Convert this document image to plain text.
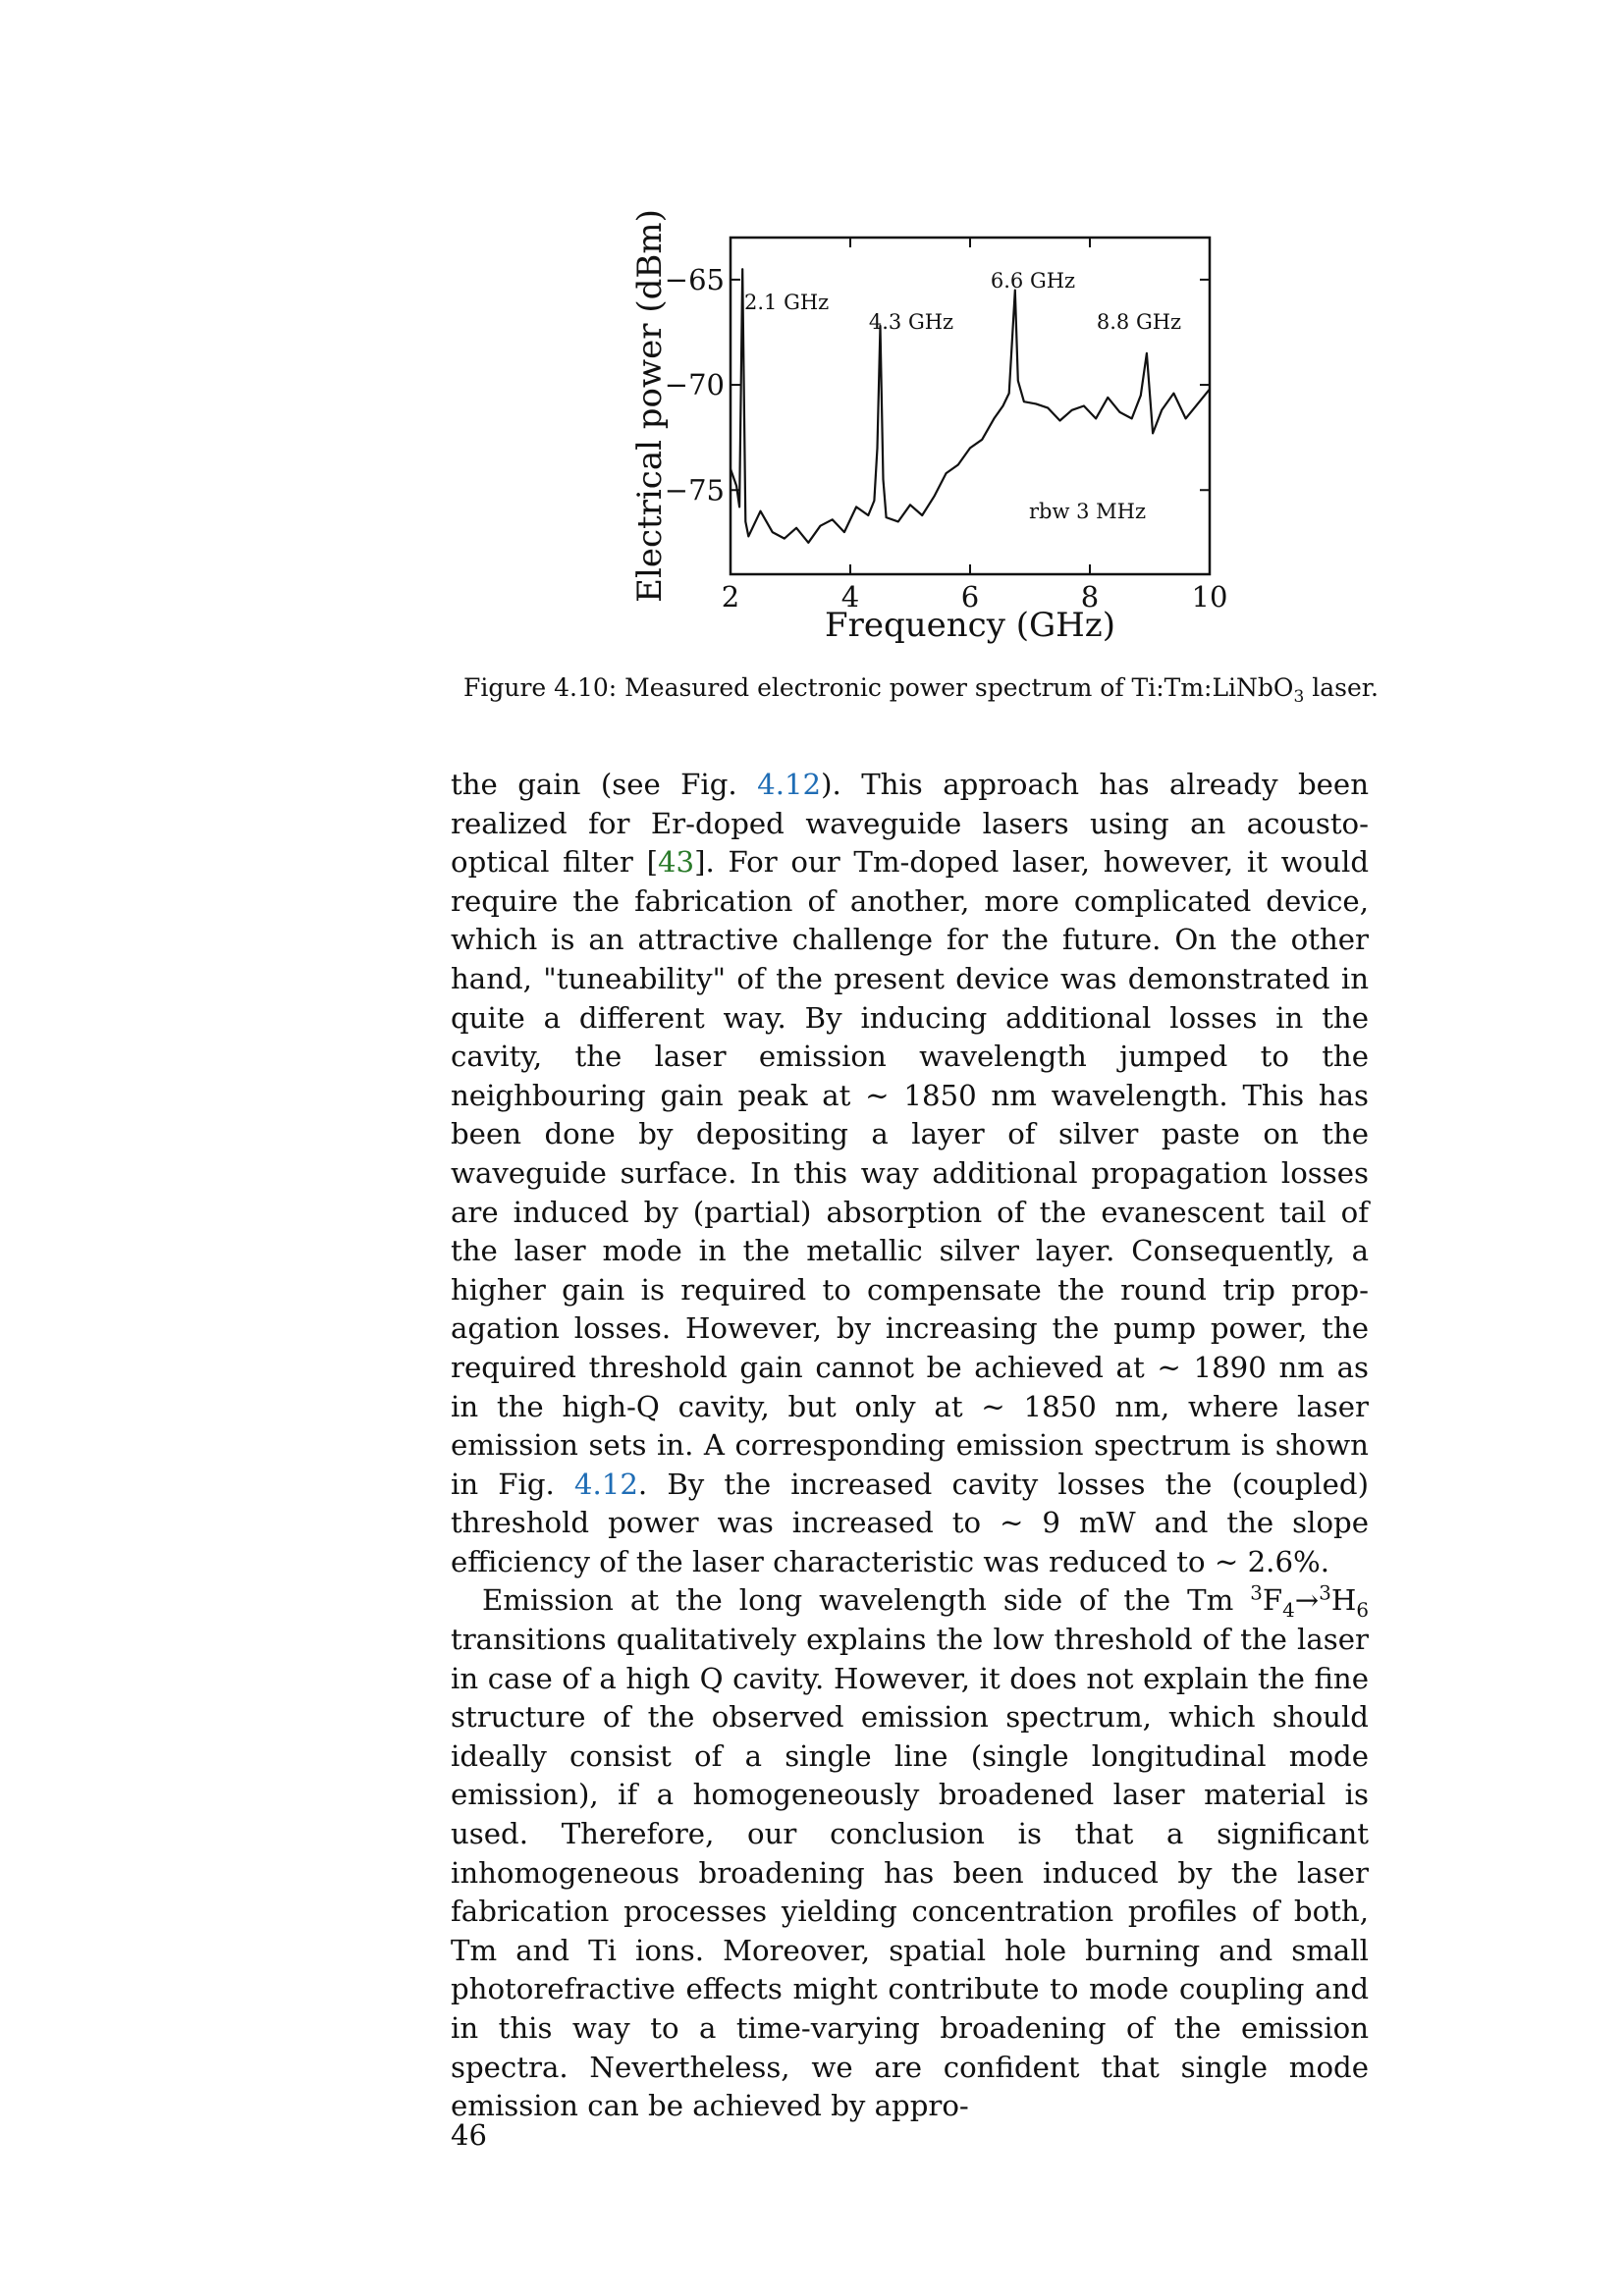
2	4	6	8	10
−65
−70
−75
Frequency (GHz)
Electrical power (dBm)	2.1 GHz
4.3 GHz
6.6 GHz
8.8 GHz
rbw 3 MHz
Figure 4.10: Measured electronic power spectrum of Ti:Tm:LiNbO$_3$ laser.

the gain (see Fig. 4.12). This approach has already been realized for Er-doped waveguide lasers using an acousto-optical filter [43]. For our Tm-doped laser, however, it would require the fabrication of another, more complicated device, which is an attractive challenge for the future. On the other hand, "tuneability" of the present device was demonstrated in quite a different way. By inducing additional losses in the cavity, the laser emission wavelength jumped to the neighbouring gain peak at ∼ 1850 nm wavelength. This has been done by depositing a layer of silver paste on the waveguide surface. In this way additional propagation losses are induced by (partial) absorption of the evanescent tail of the laser mode in the metallic silver layer. Consequently, a higher gain is required to compensate the round trip propagation losses. However, by increasing the pump power, the required threshold gain cannot be achieved at ∼ 1890 nm as in the high-Q cavity, but only at ∼ 1850 nm, where laser emission sets in. A corresponding emission spectrum is shown in Fig. 4.12. By the increased cavity losses the (coupled) threshold power was increased to ∼ 9 mW and the slope efficiency of the laser characteristic was reduced to ∼ 2.6%.

Emission at the long wavelength side of the Tm $^3F_4\to^3H_6$ transitions qualitatively explains the low threshold of the laser in case of a high Q cavity. However, it does not explain the fine structure of the observed emission spectrum, which should ideally consist of a single line (single longitudinal mode emission), if a homogeneously broadened laser material is used. Therefore, our conclusion is that a significant inhomogeneous broadening has been induced by the laser fabrication processes yielding concentration profiles of both, Tm and Ti ions. Moreover, spatial hole burning and small photorefractive effects might contribute to mode coupling and in this way to a time-varying broadening of the emission spectra. Nevertheless, we are confident that single mode emission can be achieved by appro-

46
